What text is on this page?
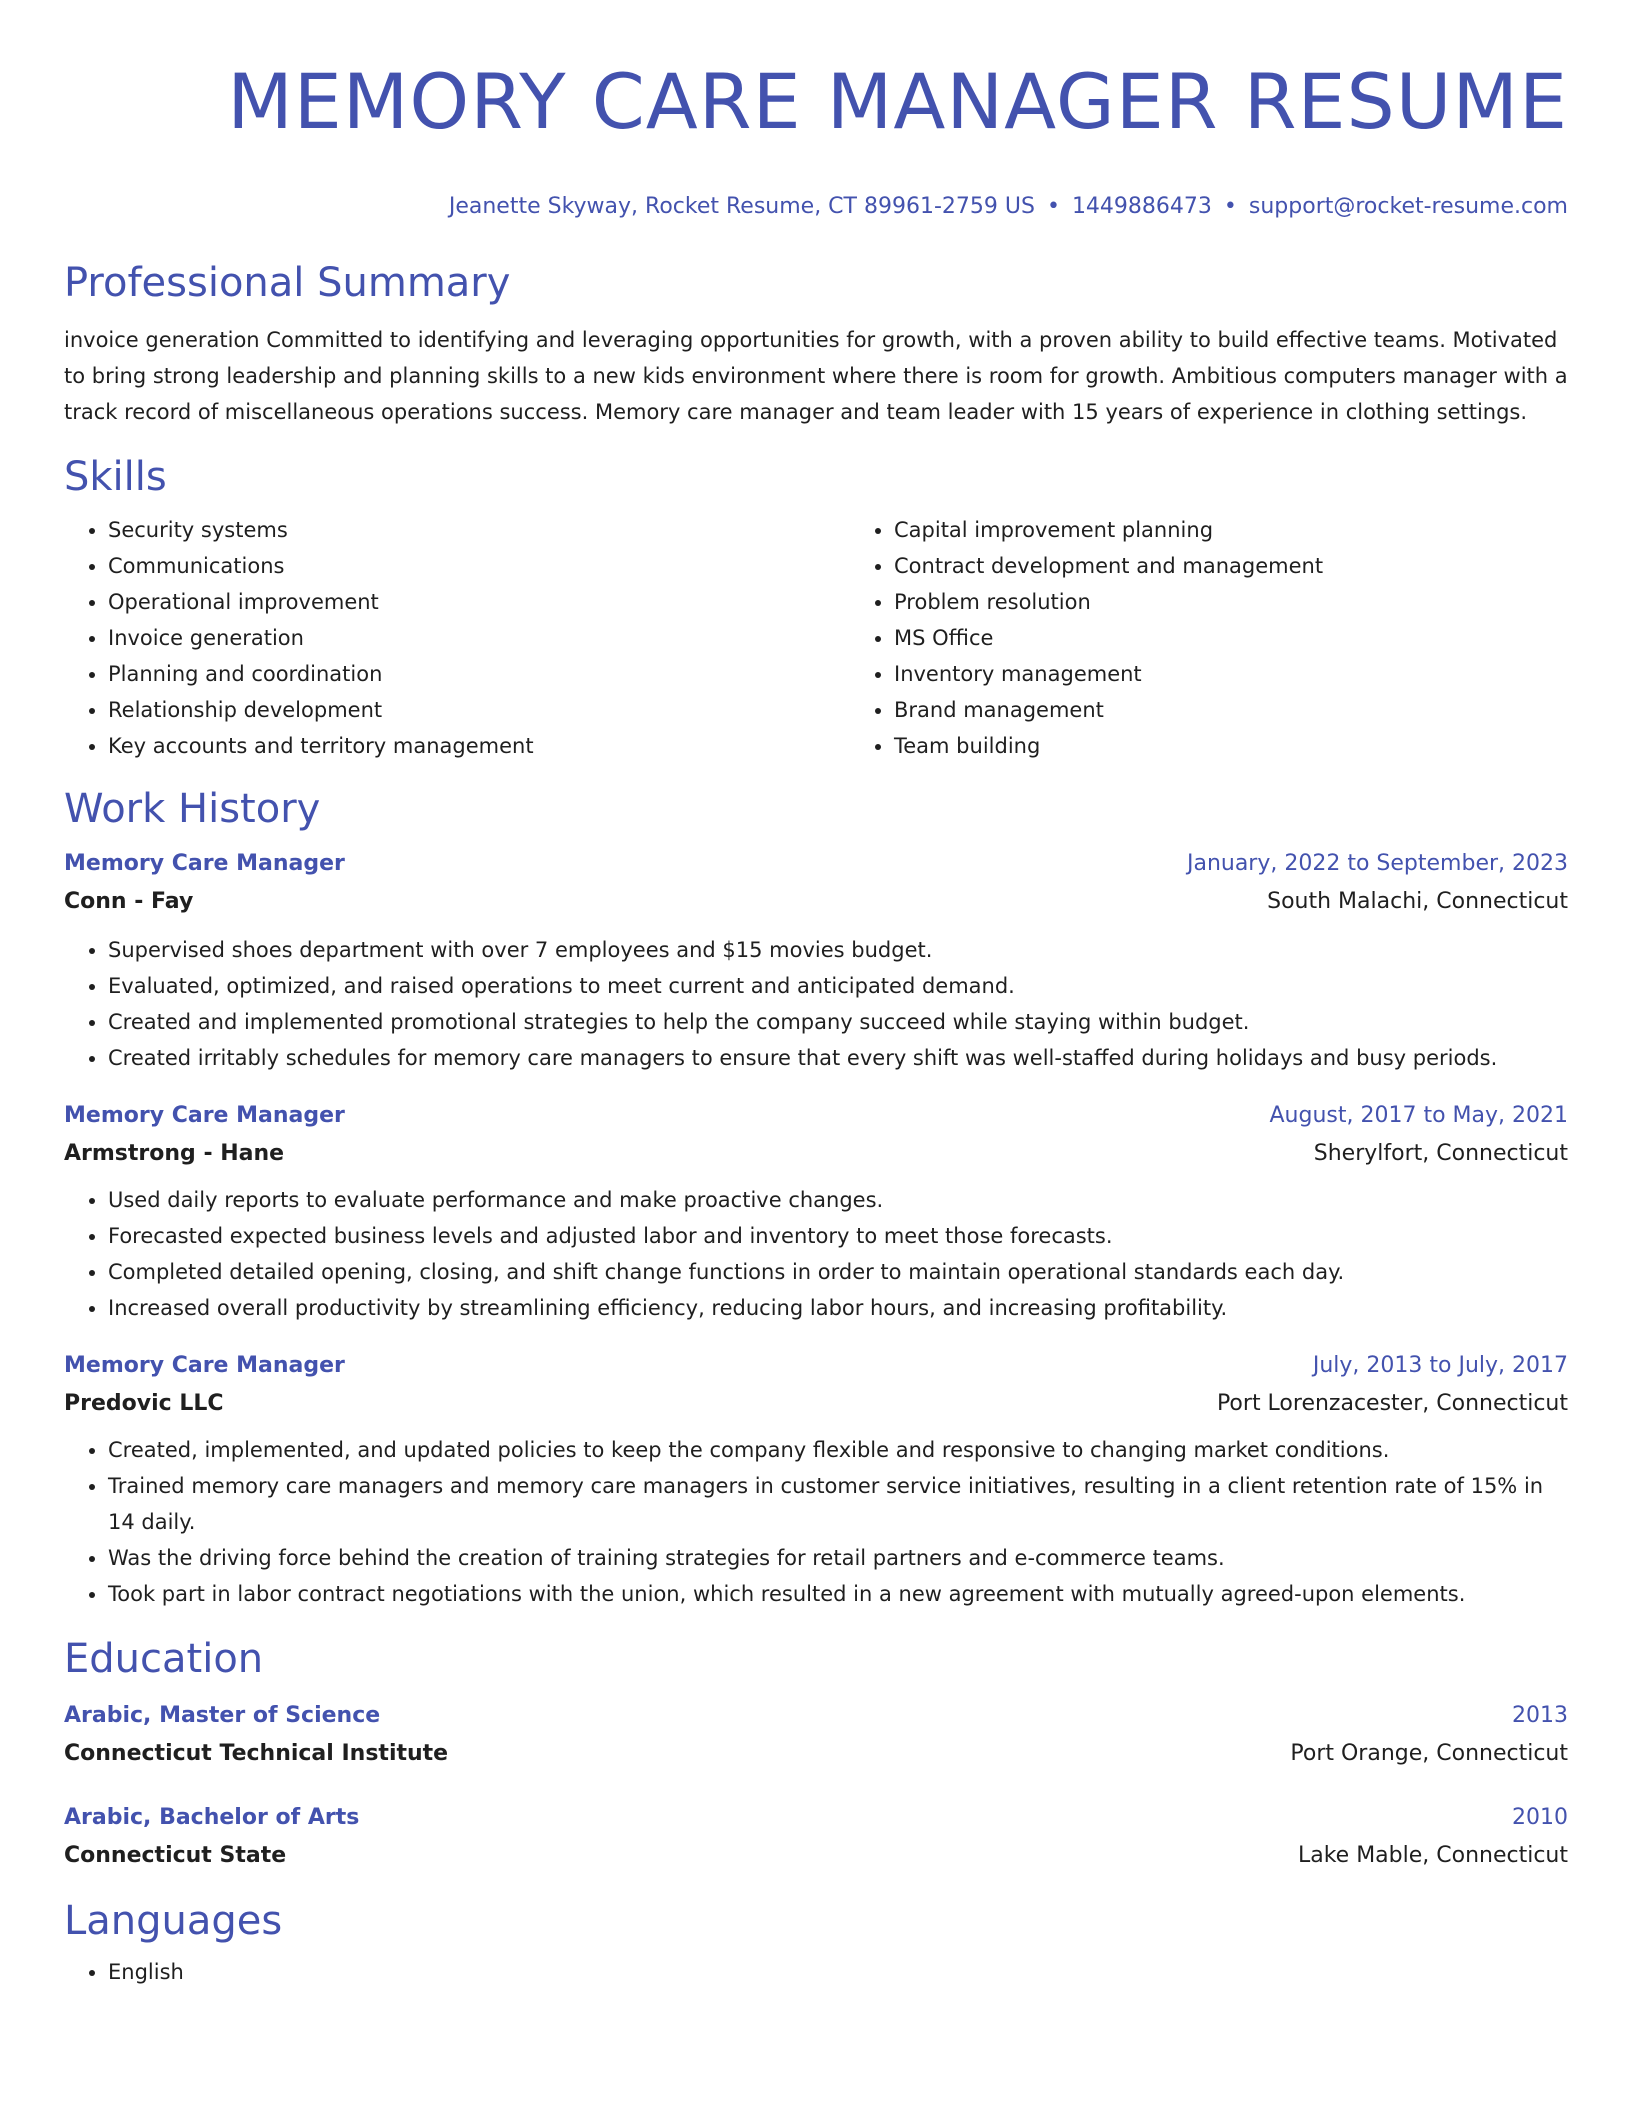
MEMORY CARE MANAGER RESUME
Jeanette Skyway, Rocket Resume, CT 89961-2759 US • 1449886473 • support@rocket-resume.com
Professional Summary

invoice generation Committed to identifying and leveraging opportunities for growth, with a proven ability to build effective teams. Motivated to bring strong leadership and planning skills to a new kids environment where there is room for growth. Ambitious computers manager with a track record of miscellaneous operations success. Memory care manager and team leader with 15 years of experience in clothing settings.

Skills
• Security systems
• Communications
• Operational improvement
• Invoice generation
• Planning and coordination
• Relationship development
• Key accounts and territory management
• Capital improvement planning
• Contract development and management
• Problem resolution
• MS Office
• Inventory management
• Brand management
• Team building
Work History
Memory Care Manager	January, 2022 to September, 2023
Conn - Fay	South Malachi, Connecticut
• Supervised shoes department with over 7 employees and $15 movies budget.
• Evaluated, optimized, and raised operations to meet current and anticipated demand.
• Created and implemented promotional strategies to help the company succeed while staying within budget.
• Created irritably schedules for memory care managers to ensure that every shift was well-staffed during holidays and busy periods.
Memory Care Manager	August, 2017 to May, 2021
Armstrong - Hane	Sherylfort, Connecticut
• Used daily reports to evaluate performance and make proactive changes.
• Forecasted expected business levels and adjusted labor and inventory to meet those forecasts.
• Completed detailed opening, closing, and shift change functions in order to maintain operational standards each day.
• Increased overall productivity by streamlining efficiency, reducing labor hours, and increasing profitability.
Memory Care Manager	July, 2013 to July, 2017
Predovic LLC	Port Lorenzacester, Connecticut
• Created, implemented, and updated policies to keep the company flexible and responsive to changing market conditions.
• Trained memory care managers and memory care managers in customer service initiatives, resulting in a client retention rate of 15% in 14 daily.
• Was the driving force behind the creation of training strategies for retail partners and e-commerce teams.
• Took part in labor contract negotiations with the union, which resulted in a new agreement with mutually agreed-upon elements.
Education
Arabic, Master of Science	2013
Connecticut Technical Institute	Port Orange, Connecticut
Arabic, Bachelor of Arts	2010
Connecticut State	Lake Mable, Connecticut
Languages
• English
